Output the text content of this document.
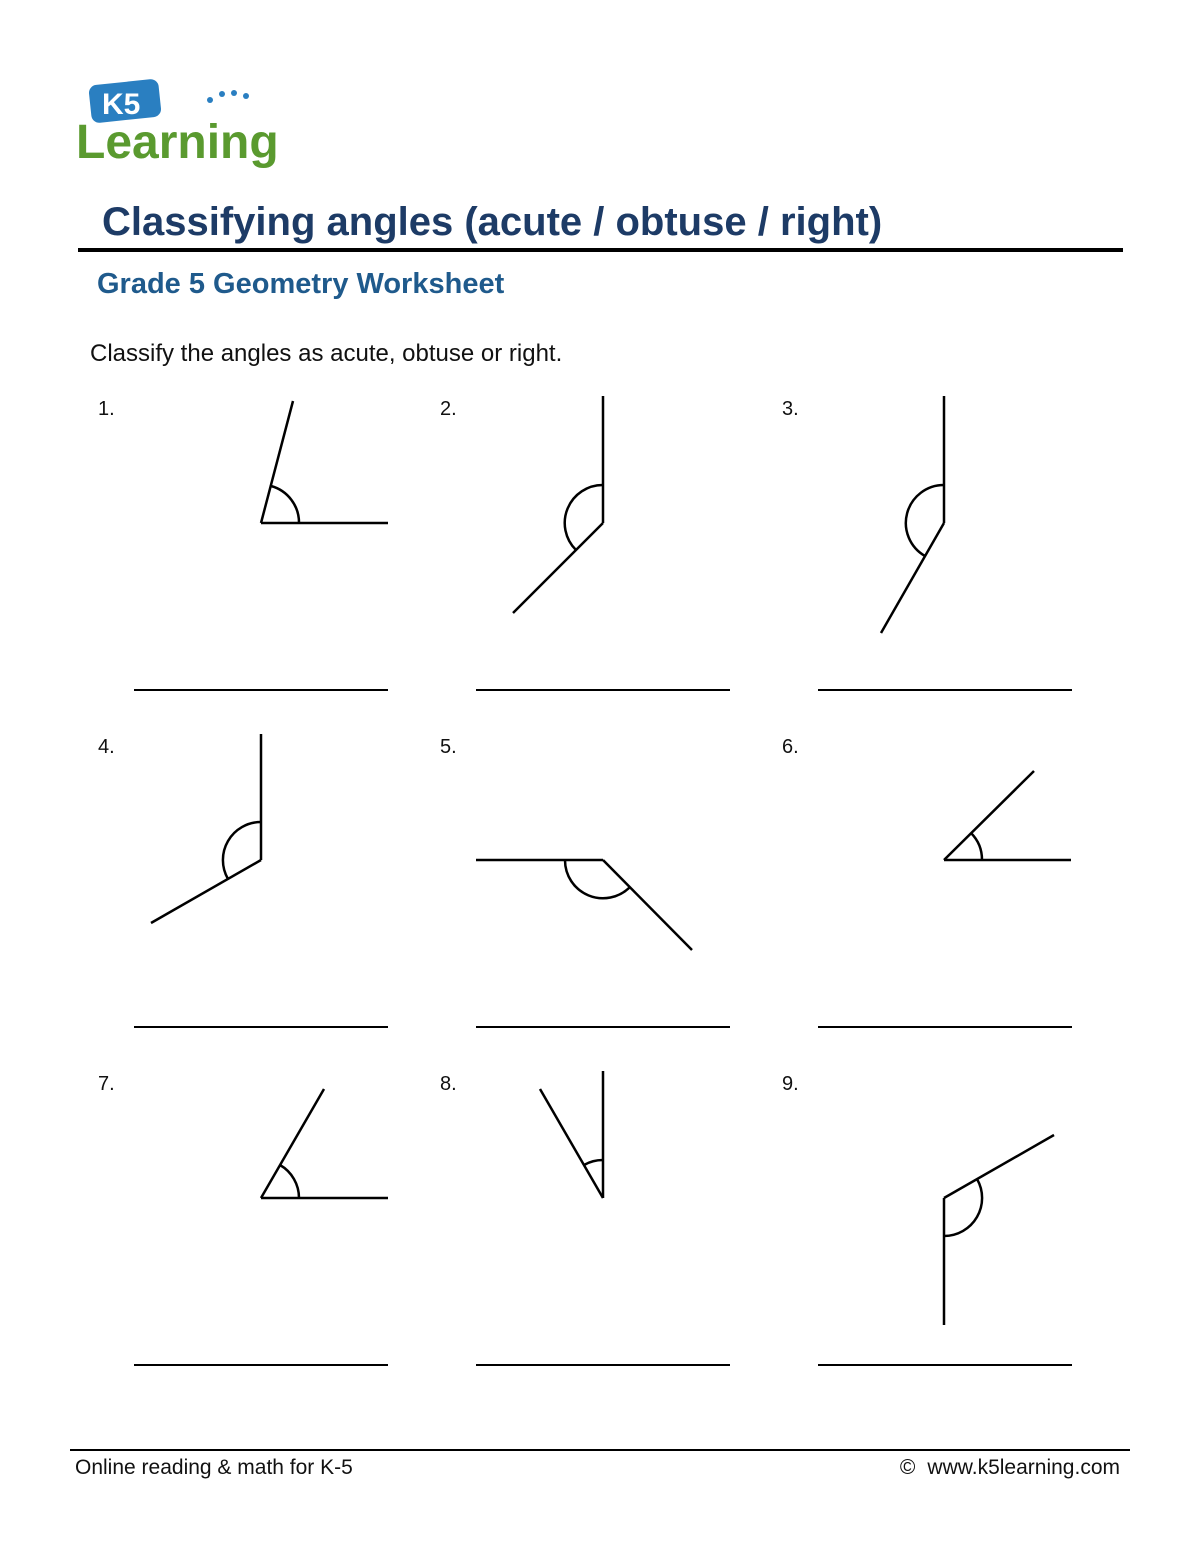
K5
Learning
Classifying angles (acute / obtuse / right)
Grade 5 Geometry Worksheet

Classify the angles as acute, obtuse or right.

1.	2.	3.
4.	5.	6.
7.	8.	9.
Online reading & math for K-5	© www.k5learning.com
